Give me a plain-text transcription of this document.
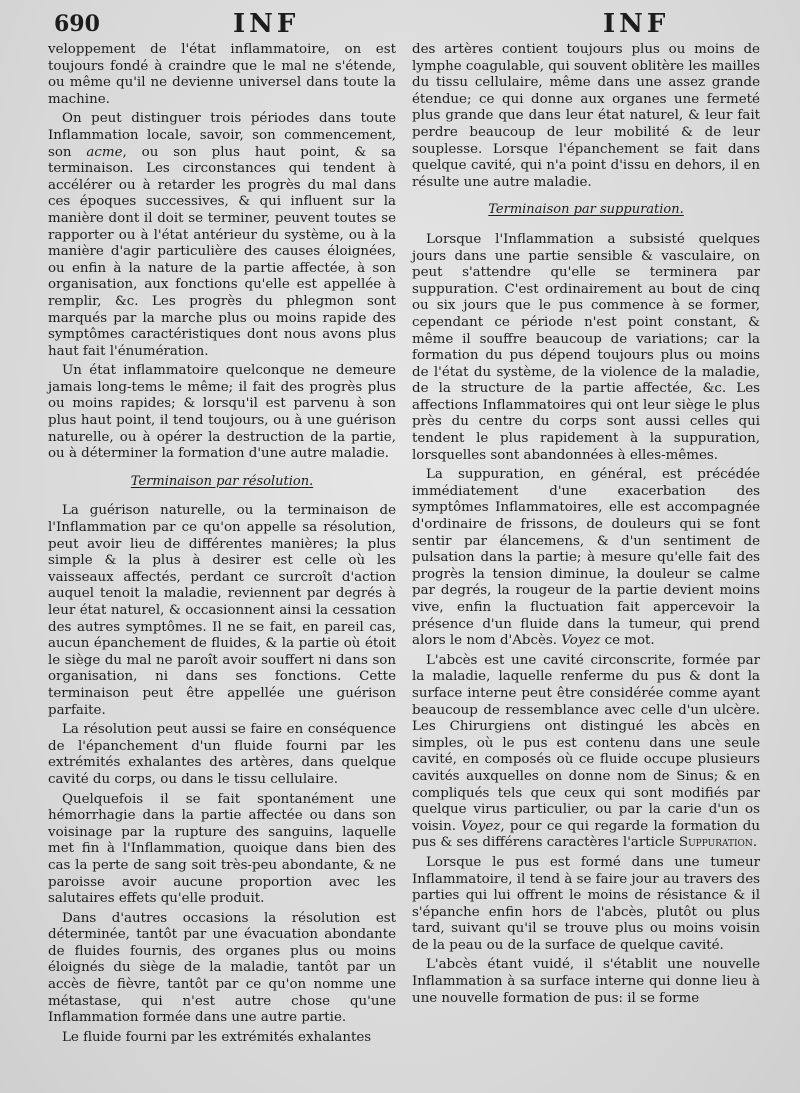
690	INF	INF

veloppement de l'état inflammatoire, on est toujours fondé à craindre que le mal ne s'étende, ou même qu'il ne devienne universel dans toute la machine.

On peut distinguer trois périodes dans toute Inflammation locale, savoir, son commencement, son acme, ou son plus haut point, & sa terminaison. Les circonstances qui tendent à accélérer ou à retarder les progrès du mal dans ces époques successives, & qui influent sur la manière dont il doit se terminer, peuvent toutes se rapporter ou à l'état antérieur du système, ou à la manière d'agir particulière des causes éloignées, ou enfin à la nature de la partie affectée, à son organisation, aux fonctions qu'elle est appellée à remplir, &c. Les progrès du phlegmon sont marqués par la marche plus ou moins rapide des symptômes caractéristiques dont nous avons plus haut fait l'énumération.

Un état inflammatoire quelconque ne demeure jamais long-tems le même; il fait des progrès plus ou moins rapides; & lorsqu'il est parvenu à son plus haut point, il tend toujours, ou à une guérison naturelle, ou à opérer la destruction de la partie, ou à déterminer la formation d'une autre maladie.

Terminaison par résolution.

La guérison naturelle, ou la terminaison de l'Inflammation par ce qu'on appelle sa résolution, peut avoir lieu de différentes manières; la plus simple & la plus à desirer est celle où les vaisseaux affectés, perdant ce surcroît d'action auquel tenoit la maladie, reviennent par degrés à leur état naturel, & occasionnent ainsi la cessation des autres symptômes. Il ne se fait, en pareil cas, aucun épanchement de fluides, & la partie où étoit le siège du mal ne paroît avoir souffert ni dans son organisation, ni dans ses fonctions. Cette terminaison peut être appellée une guérison parfaite.

La résolution peut aussi se faire en conséquence de l'épanchement d'un fluide fourni par les extrémités exhalantes des artères, dans quelque cavité du corps, ou dans le tissu cellulaire.

Quelquefois il se fait spontanément une hémorrhagie dans la partie affectée ou dans son voisinage par la rupture des sanguins, laquelle met fin à l'Inflammation, quoique dans bien des cas la perte de sang soit très-peu abondante, & ne paroisse avoir aucune proportion avec les salutaires effets qu'elle produit.

Dans d'autres occasions la résolution est déterminée, tantôt par une évacuation abondante de fluides fournis, des organes plus ou moins éloignés du siège de la maladie, tantôt par un accès de fièvre, tantôt par ce qu'on nomme une métastase, qui n'est autre chose qu'une Inflammation formée dans une autre partie.

Le fluide fourni par les extrémités exhalantes

des artères contient toujours plus ou moins de lymphe coagulable, qui souvent oblitère les mailles du tissu cellulaire, même dans une assez grande étendue; ce qui donne aux organes une fermeté plus grande que dans leur état naturel, & leur fait perdre beaucoup de leur mobilité & de leur souplesse. Lorsque l'épanchement se fait dans quelque cavité, qui n'a point d'issu en dehors, il en résulte une autre maladie.

Terminaison par suppuration.

Lorsque l'Inflammation a subsisté quelques jours dans une partie sensible & vasculaire, on peut s'attendre qu'elle se terminera par suppuration. C'est ordinairement au bout de cinq ou six jours que le pus commence à se former, cependant ce période n'est point constant, & même il souffre beaucoup de variations; car la formation du pus dépend toujours plus ou moins de l'état du système, de la violence de la maladie, de la structure de la partie affectée, &c. Les affections Inflammatoires qui ont leur siège le plus près du centre du corps sont aussi celles qui tendent le plus rapidement à la suppuration, lorsquelles sont abandonnées à elles-mêmes.

La suppuration, en général, est précédée immédiatement d'une exacerbation des symptômes Inflammatoires, elle est accompagnée d'ordinaire de frissons, de douleurs qui se font sentir par élancemens, & d'un sentiment de pulsation dans la partie; à mesure qu'elle fait des progrès la tension diminue, la douleur se calme par degrés, la rougeur de la partie devient moins vive, enfin la fluctuation fait appercevoir la présence d'un fluide dans la tumeur, qui prend alors le nom d'Abcès. Voyez ce mot.

L'abcès est une cavité circonscrite, formée par la maladie, laquelle renferme du pus & dont la surface interne peut être considérée comme ayant beaucoup de ressemblance avec celle d'un ulcère. Les Chirurgiens ont distingué les abcès en simples, où le pus est contenu dans une seule cavité, en composés où ce fluide occupe plusieurs cavités auxquelles on donne nom de Sinus; & en compliqués tels que ceux qui sont modifiés par quelque virus particulier, ou par la carie d'un os voisin. Voyez, pour ce qui regarde la formation du pus & ses différens caractères l'article Suppuration.

Lorsque le pus est formé dans une tumeur Inflammatoire, il tend à se faire jour au travers des parties qui lui offrent le moins de résistance & il s'épanche enfin hors de l'abcès, plutôt ou plus tard, suivant qu'il se trouve plus ou moins voisin de la peau ou de la surface de quelque cavité.

L'abcès étant vuidé, il s'établit une nouvelle Inflammation à sa surface interne qui donne lieu à une nouvelle formation de pus: il se forme
